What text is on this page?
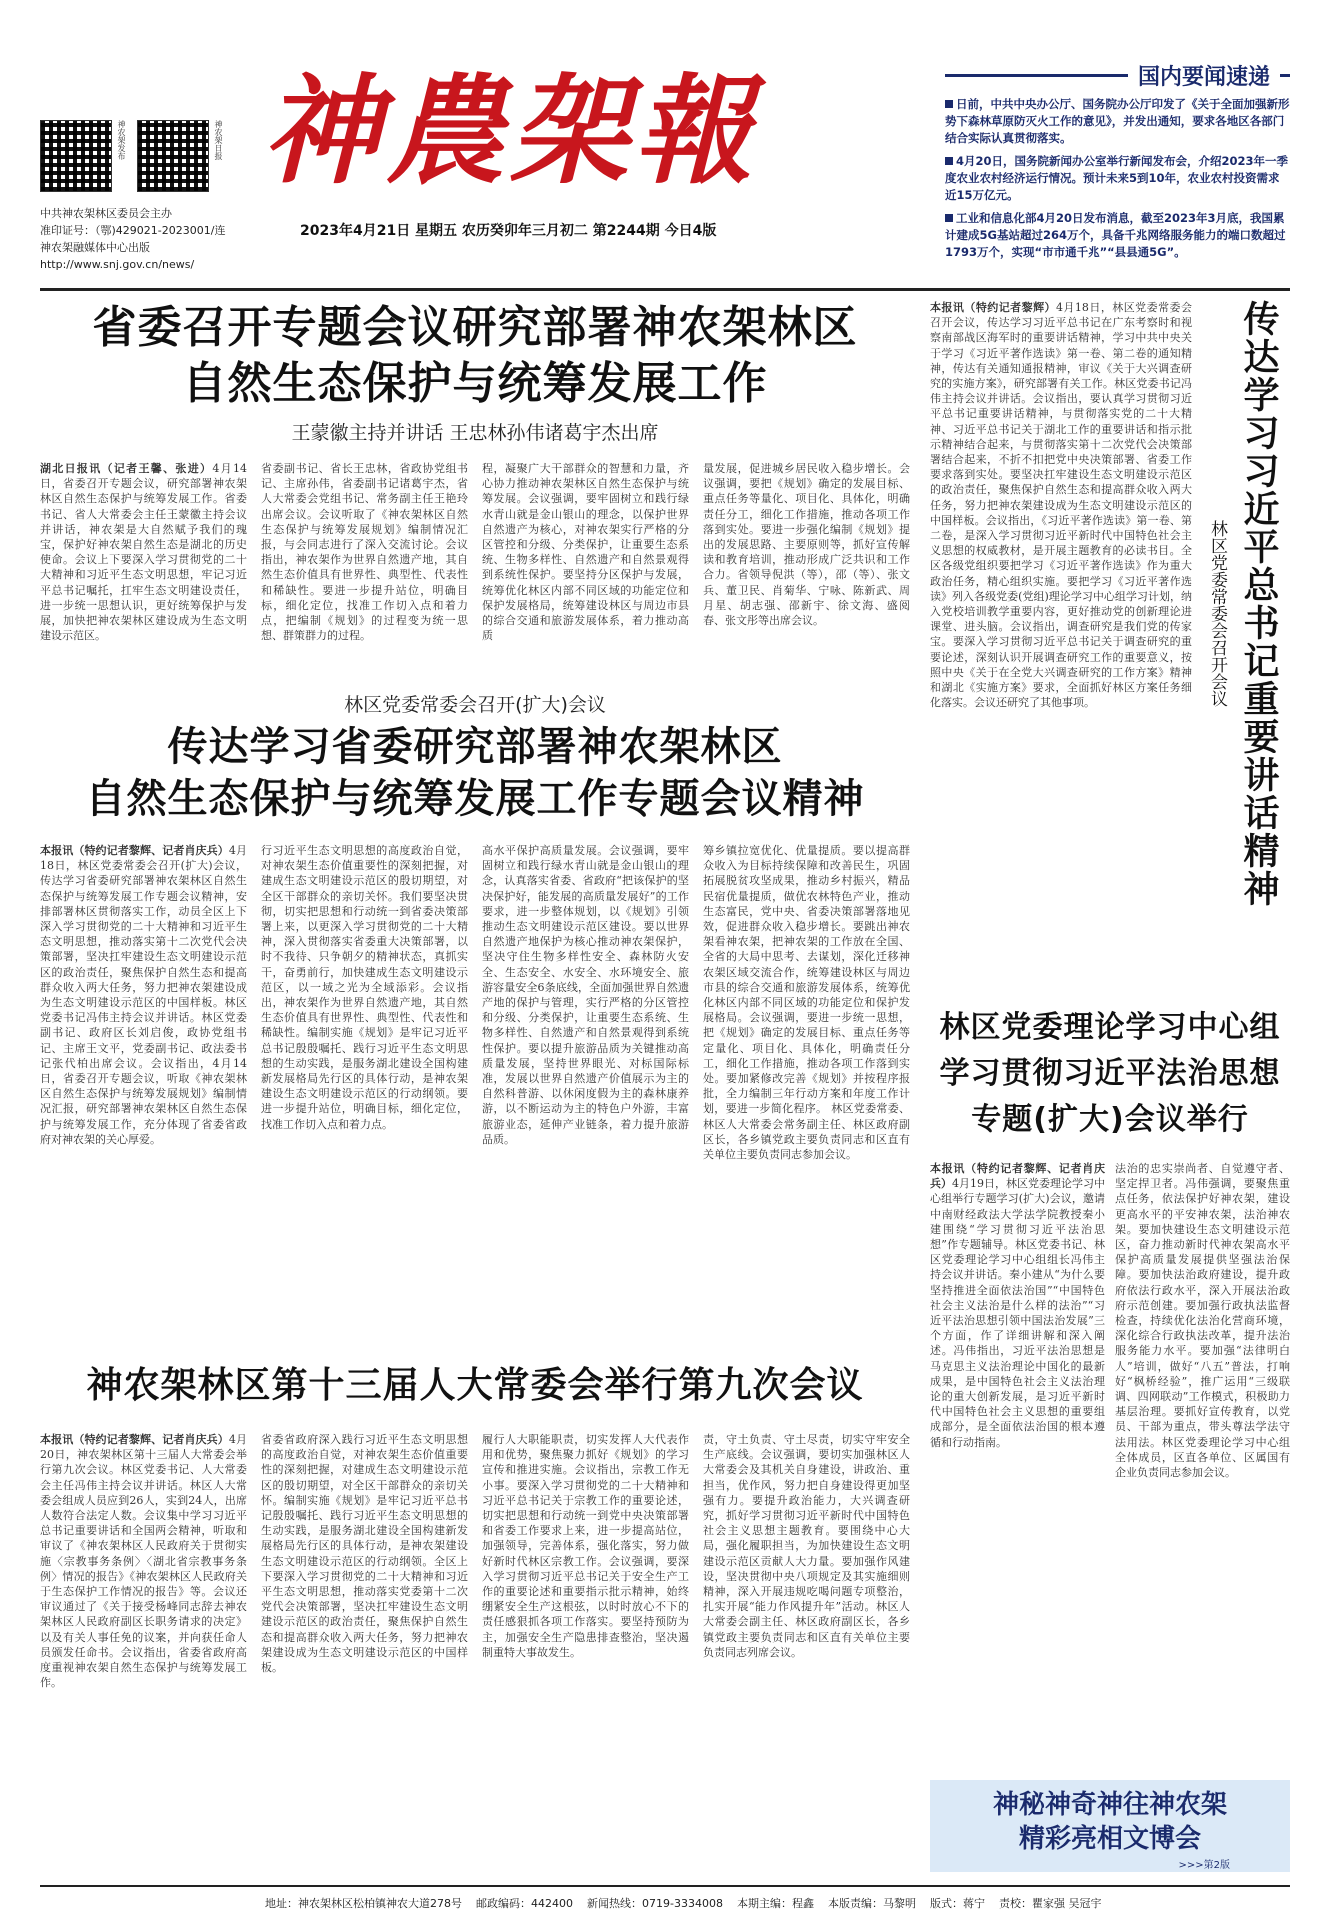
神农架发布	神农架日报
中共神农架林区委员会主办
准印证号：（鄂)429021-2023001/连
神农架融媒体中心出版
http://www.snj.gov.cn/news/
神農架報
2023年4月21日 星期五 农历癸卯年三月初二 第2244期 今日4版
国内要闻速递

日前，中共中央办公厅、国务院办公厅印发了《关于全面加强新形势下森林草原防灭火工作的意见》，并发出通知，要求各地区各部门结合实际认真贯彻落实。

4月20日，国务院新闻办公室举行新闻发布会，介绍2023年一季度农业农村经济运行情况。预计未来5到10年，农业农村投资需求近15万亿元。

工业和信息化部4月20日发布消息，截至2023年3月底，我国累计建成5G基站超过264万个，具备千兆网络服务能力的端口数超过1793万个，实现“市市通千兆”“县县通5G”。

省委召开专题会议研究部署神农架林区
自然生态保护与统筹发展工作
王蒙徽主持并讲话 王忠林孙伟诸葛宇杰出席
湖北日报讯（记者王馨、张进）4月14日，省委召开专题会议，研究部署神农架林区自然生态保护与统筹发展工作。省委书记、省人大常委会主任王蒙徽主持会议并讲话，神农架是大自然赋予我们的瑰宝，保护好神农架自然生态是湖北的历史使命。会议上下要深入学习贯彻党的二十大精神和习近平生态文明思想，牢记习近平总书记嘱托，扛牢生态文明建设责任，进一步统一思想认识，更好统筹保护与发展，加快把神农架林区建设成为生态文明建设示范区。
省委副书记、省长王忠林，省政协党组书记、主席孙伟，省委副书记诸葛宇杰，省人大常委会党组书记、常务副主任王艳玲出席会议。会议听取了《神农架林区自然生态保护与统筹发展规划》编制情况汇报，与会同志进行了深入交流讨论。会议指出，神农架作为世界自然遗产地，其自然生态价值具有世界性、典型性、代表性和稀缺性。要进一步提升站位，明确目标，细化定位，找准工作切入点和着力点，把编制《规划》的过程变为统一思想、群策群力的过程。
程，凝聚广大干部群众的智慧和力量，齐心协力推动神农架林区自然生态保护与统筹发展。会议强调，要牢固树立和践行绿水青山就是金山银山的理念，以保护世界自然遗产为核心，对神农架实行严格的分区管控和分级、分类保护，让重要生态系统、生物多样性、自然遗产和自然景观得到系统性保护。要坚持分区保护与发展，统筹优化林区内部不同区域的功能定位和保护发展格局，统筹建设林区与周边市县的综合交通和旅游发展体系，着力推动高质
量发展，促进城乡居民收入稳步增长。会议强调，要把《规划》确定的发展目标、重点任务等量化、项目化、具体化，明确责任分工，细化工作措施，推动各项工作落到实处。要进一步强化编制《规划》提出的发展思路、主要原则等，抓好宣传解读和教育培训，推动形成广泛共识和工作合力。省领导倪洪（等），邵（等）、张文兵、董卫民、肖菊华、宁咏、陈新武、周月星、胡志强、邵新宇、徐文海、盛阅春、张文彤等出席会议。
林区党委常委会召开(扩大)会议
传达学习省委研究部署神农架林区
自然生态保护与统筹发展工作专题会议精神
本报讯（特约记者黎辉、记者肖庆兵）4月18日，林区党委常委会召开(扩大)会议，传达学习省委研究部署神农架林区自然生态保护与统筹发展工作专题会议精神，安排部署林区贯彻落实工作，动员全区上下深入学习贯彻党的二十大精神和习近平生态文明思想，推动落实第十二次党代会决策部署，坚决扛牢建设生态文明建设示范区的政治责任，聚焦保护自然生态和提高群众收入两大任务，努力把神农架建设成为生态文明建设示范区的中国样板。林区党委书记冯伟主持会议并讲话。林区党委副书记、政府区长刘启俊，政协党组书记、主席王文平，党委副书记、政法委书记张代柏出席会议。会议指出，4月14日，省委召开专题会议，听取《神农架林区自然生态保护与统筹发展规划》编制情况汇报，研究部署神农架林区自然生态保护与统筹发展工作，充分体现了省委省政府对神农架的关心厚爱。
行习近平生态文明思想的高度政治自觉，对神农架生态价值重要性的深刻把握，对建成生态文明建设示范区的殷切期望，对全区干部群众的亲切关怀。我们要坚决贯彻，切实把思想和行动统一到省委决策部署上来，以更深入学习贯彻党的二十大精神，深入贯彻落实省委重大决策部署，以时不我待、只争朝夕的精神状态，真抓实干，奋勇前行，加快建成生态文明建设示范区，以一域之光为全域添彩。会议指出，神农架作为世界自然遗产地，其自然生态价值具有世界性、典型性、代表性和稀缺性。编制实施《规划》是牢记习近平总书记殷殷嘱托、践行习近平生态文明思想的生动实践，是服务湖北建设全国构建新发展格局先行区的具体行动，是神农架建设生态文明建设示范区的行动纲领。要进一步提升站位，明确目标，细化定位，找准工作切入点和着力点。
高水平保护高质量发展。会议强调，要牢固树立和践行绿水青山就是金山银山的理念，认真落实省委、省政府“把该保护的坚决保护好，能发展的高质量发展好”的工作要求，进一步整体规划，以《规划》引领推动生态文明建设示范区建设。要以世界自然遗产地保护为核心推动神农架保护，坚决守住生物多样性安全、森林防火安全、生态安全、水安全、水环境安全、旅游容量安全6条底线，全面加强世界自然遗产地的保护与管理，实行严格的分区管控和分级、分类保护，让重要生态系统、生物多样性、自然遗产和自然景观得到系统性保护。要以提升旅游品质为关键推动高质量发展，坚持世界眼光、对标国际标准，发展以世界自然遗产价值展示为主的自然科普游、以休闲度假为主的森林康养游，以不断运动为主的特色户外游，丰富旅游业态，延伸产业链条，着力提升旅游品质。
筹乡镇拉宽优化、优量提质。要以提高群众收入为目标持续保障和改善民生，巩固拓展脱贫攻坚成果，推动乡村振兴，精品民宿优量提质，做优农林特色产业，推动生态富民，党中央、省委决策部署落地见效，促进群众收入稳步增长。要跳出神农架看神农架，把神农架的工作放在全国、全省的大局中思考、去谋划，深化迁移神农架区域交流合作，统筹建设林区与周边市县的综合交通和旅游发展体系，统筹优化林区内部不同区域的功能定位和保护发展格局。会议强调，要进一步统一思想，把《规划》确定的发展目标、重点任务等定量化、项目化、具体化，明确责任分工，细化工作措施，推动各项工作落到实处。要加紧修改完善《规划》并按程序报批，全力编制三年行动方案和年度工作计划，要进一步简化程序。 林区党委常委、林区人大常委会常务副主任、林区政府副区长，各乡镇党政主要负责同志和区直有关单位主要负责同志参加会议。
神农架林区第十三届人大常委会举行第九次会议
本报讯（特约记者黎辉、记者肖庆兵）4月20日，神农架林区第十三届人大常委会举行第九次会议。林区党委书记、人大常委会主任冯伟主持会议并讲话。林区人大常委会组成人员应到26人，实到24人，出席人数符合法定人数。会议集中学习习近平总书记重要讲话和全国两会精神，听取和审议了《神农架林区人民政府关于贯彻实施〈宗教事务条例〉〈湖北省宗教事务条例〉情况的报告》《神农架林区人民政府关于生态保护工作情况的报告》等。会议还审议通过了《关于接受杨峰同志辞去神农架林区人民政府副区长职务请求的决定》以及有关人事任免的议案，并向获任命人员颁发任命书。会议指出，省委省政府高度重视神农架自然生态保护与统筹发展工作。
省委省政府深入践行习近平生态文明思想的高度政治自觉，对神农架生态价值重要性的深刻把握，对建成生态文明建设示范区的殷切期望，对全区干部群众的亲切关怀。编制实施《规划》是牢记习近平总书记殷殷嘱托、践行习近平生态文明思想的生动实践，是服务湖北建设全国构建新发展格局先行区的具体行动，是神农架建设生态文明建设示范区的行动纲领。全区上下要深入学习贯彻党的二十大精神和习近平生态文明思想，推动落实党委第十二次党代会决策部署，坚决扛牢建设生态文明建设示范区的政治责任，聚焦保护自然生态和提高群众收入两大任务，努力把神农架建设成为生态文明建设示范区的中国样板。
履行人大职能职责，切实发挥人大代表作用和优势，聚焦聚力抓好《规划》的学习宣传和推进实施。会议指出，宗教工作无小事。要深入学习贯彻党的二十大精神和习近平总书记关于宗教工作的重要论述，切实把思想和行动统一到党中央决策部署和省委工作要求上来，进一步提高站位，加强领导，完善体系，强化落实，努力做好新时代林区宗教工作。会议强调，要深入学习贯彻习近平总书记关于安全生产工作的重要论述和重要指示批示精神，始终绷紧安全生产这根弦，以时时放心不下的责任感狠抓各项工作落实。要坚持预防为主，加强安全生产隐患排查整治，坚决遏制重特大事故发生。
责，守土负责、守土尽责，切实守牢安全生产底线。会议强调，要切实加强林区人大常委会及其机关自身建设，讲政治、重担当，优作风，努力把自身建设得更加坚强有力。要提升政治能力，大兴调查研究，抓好学习贯彻习近平新时代中国特色社会主义思想主题教育。要围绕中心大局，强化履职担当，为加快建设生态文明建设示范区贡献人大力量。要加强作风建设，坚决贯彻中央八项规定及其实施细则精神，深入开展违规吃喝问题专项整治，扎实开展“能力作风提升年”活动。林区人大常委会副主任、林区政府副区长，各乡镇党政主要负责同志和区直有关单位主要负责同志列席会议。
本报讯（特约记者黎辉）4月18日，林区党委常委会召开会议，传达学习习近平总书记在广东考察时和视察南部战区海军时的重要讲话精神，学习中共中央关于学习《习近平著作选读》第一卷、第二卷的通知精神，传达有关通知通报精神，审议《关于大兴调查研究的实施方案》，研究部署有关工作。林区党委书记冯伟主持会议并讲话。会议指出，要认真学习贯彻习近平总书记重要讲话精神，与贯彻落实党的二十大精神、习近平总书记关于湖北工作的重要讲话和指示批示精神结合起来，与贯彻落实第十二次党代会决策部署结合起来，不折不扣把党中央决策部署、省委工作要求落到实处。要坚决扛牢建设生态文明建设示范区的政治责任，聚焦保护自然生态和提高群众收入两大任务，努力把神农架建设成为生态文明建设示范区的中国样板。会议指出，《习近平著作选读》第一卷、第二卷，是深入学习贯彻习近平新时代中国特色社会主义思想的权威教材，是开展主题教育的必读书目。全区各级党组织要把学习《习近平著作选读》作为重大政治任务，精心组织实施。要把学习《习近平著作选读》列入各级党委(党组)理论学习中心组学习计划，纳入党校培训教学重要内容，更好推动党的创新理论进课堂、进头脑。会议指出，调查研究是我们党的传家宝。要深入学习贯彻习近平总书记关于调查研究的重要论述，深刻认识开展调查研究工作的重要意义，按照中央《关于在全党大兴调查研究的工作方案》精神和湖北《实施方案》要求，全面抓好林区方案任务细化落实。会议还研究了其他事项。	传达学习习近平总书记重要讲话精神
林区党委常委会召开会议
林区党委理论学习中心组
学习贯彻习近平法治思想
专题(扩大)会议举行
本报讯（特约记者黎辉、记者肖庆兵）4月19日，林区党委理论学习中心组举行专题学习(扩大)会议，邀请中南财经政法大学法学院教授秦小建围绕“学习贯彻习近平法治思想”作专题辅导。林区党委书记、林区党委理论学习中心组组长冯伟主持会议并讲话。秦小建从“为什么要坚持推进全面依法治国”“中国特色社会主义法治是什么样的法治”“习近平法治思想引领中国法治发展”三个方面，作了详细讲解和深入阐述。冯伟指出，习近平法治思想是马克思主义法治理论中国化的最新成果，是中国特色社会主义法治理论的重大创新发展，是习近平新时代中国特色社会主义思想的重要组成部分，是全面依法治国的根本遵循和行动指南。
法治的忠实崇尚者、自觉遵守者、坚定捍卫者。冯伟强调，要聚焦重点任务，依法保护好神农架，建设更高水平的平安神农架，法治神农架。要加快建设生态文明建设示范区，奋力推动新时代神农架高水平保护高质量发展提供坚强法治保障。要加快法治政府建设，提升政府依法行政水平，深入开展法治政府示范创建。要加强行政执法监督检查，持续优化法治化营商环境，深化综合行政执法改革，提升法治服务能力水平。要加强“法律明白人”培训，做好“八五”普法，打响好“枫桥经验”，推广运用“三级联调、四网联动”工作模式，积极助力基层治理。要抓好宣传教育，以党员、干部为重点，带头尊法学法守法用法。林区党委理论学习中心组全体成员，区直各单位、区属国有企业负责同志参加会议。
神秘神奇神往神农架
精彩亮相文博会
>>>第2版
地址：神农架林区松柏镇神农大道278号 邮政编码：442400 新闻热线：0719-3334008 本期主编：程鑫 本版责编：马黎明 版式：蒋宁 责校：瞿家强 吴冠宇
